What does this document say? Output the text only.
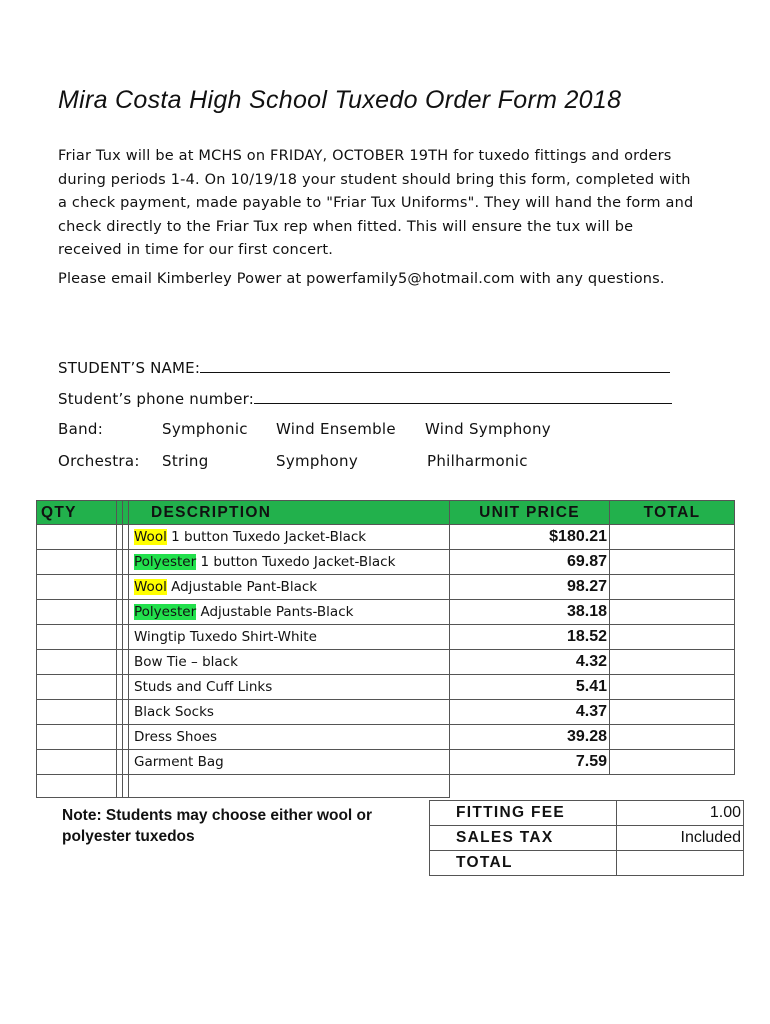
Mira Costa High School Tuxedo Order Form 2018
Friar Tux will be at MCHS on FRIDAY, OCTOBER 19TH for tuxedo fittings and orders during periods 1-4. On 10/19/18 your student should bring this form, completed with a check payment, made payable to "Friar Tux Uniforms". They will hand the form and check directly to the Friar Tux rep when fitted. This will ensure the tux will be received in time for our first concert.
Please email Kimberley Power at powerfamily5@hotmail.com with any questions.
STUDENT’S NAME:
Student’s phone number:
Band:	Symphonic Wind Ensemble Wind Symphony
Orchestra: String	Symphony	Philharmonic
QTY			DESCRIPTION	UNIT PRICE	TOTAL
			Wool 1 button Tuxedo Jacket-Black	$180.21	
			Polyester 1 button Tuxedo Jacket-Black	69.87	
			Wool Adjustable Pant-Black	98.27	
			Polyester Adjustable Pants-Black	38.18	
			Wingtip Tuxedo Shirt-White	18.52	
			Bow Tie – black	4.32	
			Studs and Cuff Links	5.41	
			Black Socks	4.37	
			Dress Shoes	39.28	
			Garment Bag	7.59	

Note: Students may choose either wool or polyester tuxedos
FITTING FEE	1.00
SALES TAX	Included
TOTAL	
